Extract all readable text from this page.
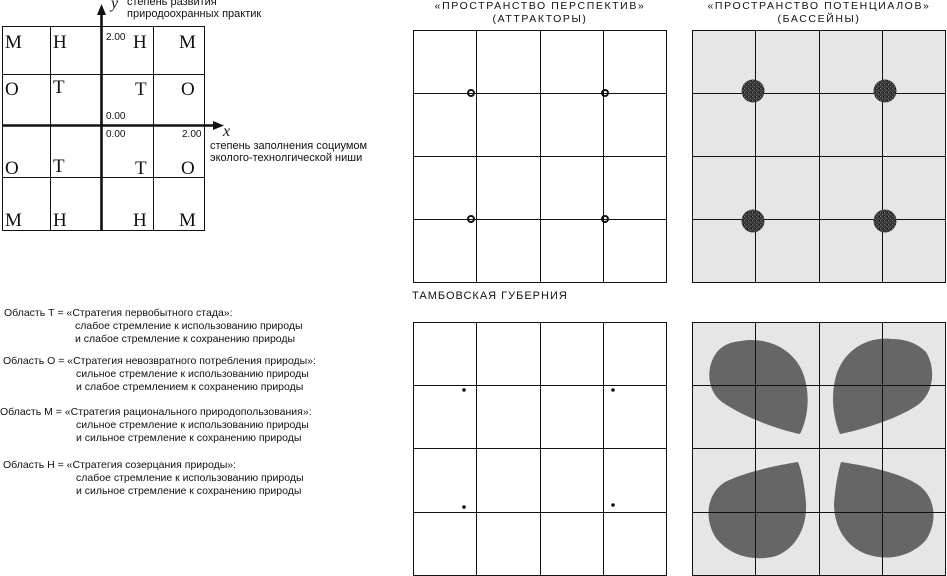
y
x
степень развития
природоохранных практик
степень заполнения социумом
эколого-технолгической ниши
2.00
0.00
0.00	2.00
М Н	Н М
О Т	Т О
О Т	Т О
М Н	Н М
Область Т = «Стратегия первобытного стада»:
слабое стремление к использованию природы
и слабое стремление к сохранению природы
Область О = «Стратегия невозвратного потребления природы»:
сильное стремление к использованию природы
и слабое стремлением к сохранению природы
Область М = «Стратегия рационального природопользования»:
сильное стремление к использованию природы
и сильное стремление к сохранению природы
Область Н = «Стратегия созерцания природы»:
слабое стремление к использованию природы
и сильное стремление к сохранению природы
«ПРОСТРАНСТВО ПЕРСПЕКТИВ»
(АТТРАКТОРЫ)
«ПРОСТРАНСТВО ПОТЕНЦИАЛОВ»
(БАССЕЙНЫ)
ТАМБОВСКАЯ ГУБЕРНИЯ
